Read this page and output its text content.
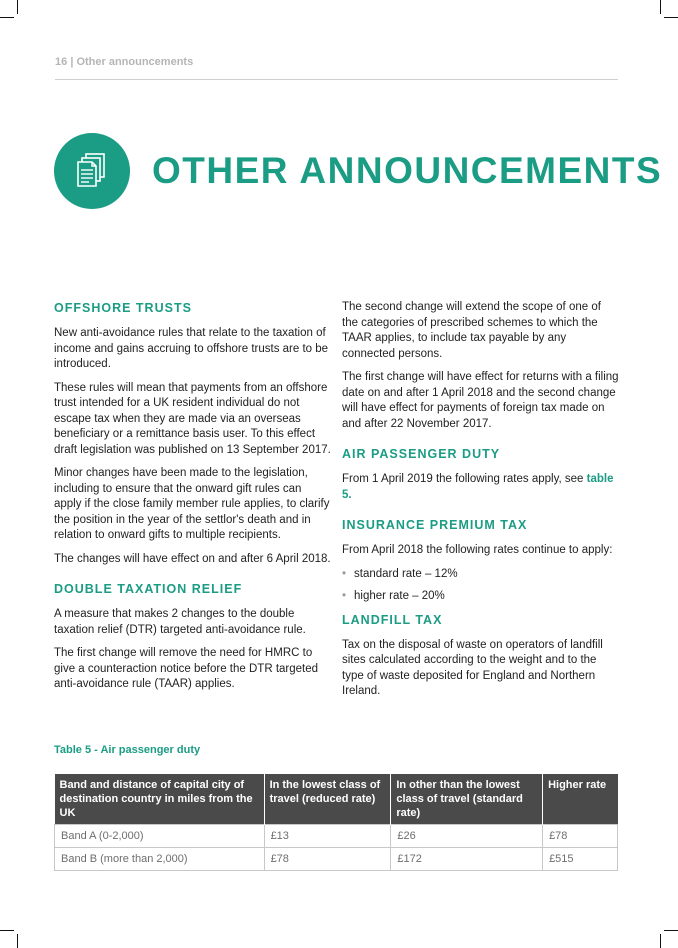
16 | Other announcements
OTHER ANNOUNCEMENTS
OFFSHORE TRUSTS

New anti-avoidance rules that relate to the taxation of income and gains accruing to offshore trusts are to be introduced.

These rules will mean that payments from an offshore trust intended for a UK resident individual do not escape tax when they are made via an overseas beneficiary or a remittance basis user. To this effect draft legislation was published on 13 September 2017.

Minor changes have been made to the legislation, including to ensure that the onward gift rules can apply if the close family member rule applies, to clarify the position in the year of the settlor's death and in relation to onward gifts to multiple recipients.

The changes will have effect on and after 6 April 2018.

DOUBLE TAXATION RELIEF

A measure that makes 2 changes to the double taxation relief (DTR) targeted anti-avoidance rule.

The first change will remove the need for HMRC to give a counteraction notice before the DTR targeted anti-avoidance rule (TAAR) applies.

The second change will extend the scope of one of the categories of prescribed schemes to which the TAAR applies, to include tax payable by any connected persons.

The first change will have effect for returns with a filing date on and after 1 April 2018 and the second change will have effect for payments of foreign tax made on and after 22 November 2017.

AIR PASSENGER DUTY

From 1 April 2019 the following rates apply, see table 5.

INSURANCE PREMIUM TAX

From April 2018 the following rates continue to apply:

• standard rate – 12%
• higher rate – 20%
LANDFILL TAX

Tax on the disposal of waste on operators of landfill sites calculated according to the weight and to the type of waste deposited for England and Northern Ireland.

Table 5 - Air passenger duty
Band and distance of capital city of destination country in miles from the UK	In the lowest class of travel (reduced rate)	In other than the lowest class of travel (standard rate)	Higher rate
Band A (0-2,000)	£13	£26	£78
Band B (more than 2,000)	£78	£172	£515
